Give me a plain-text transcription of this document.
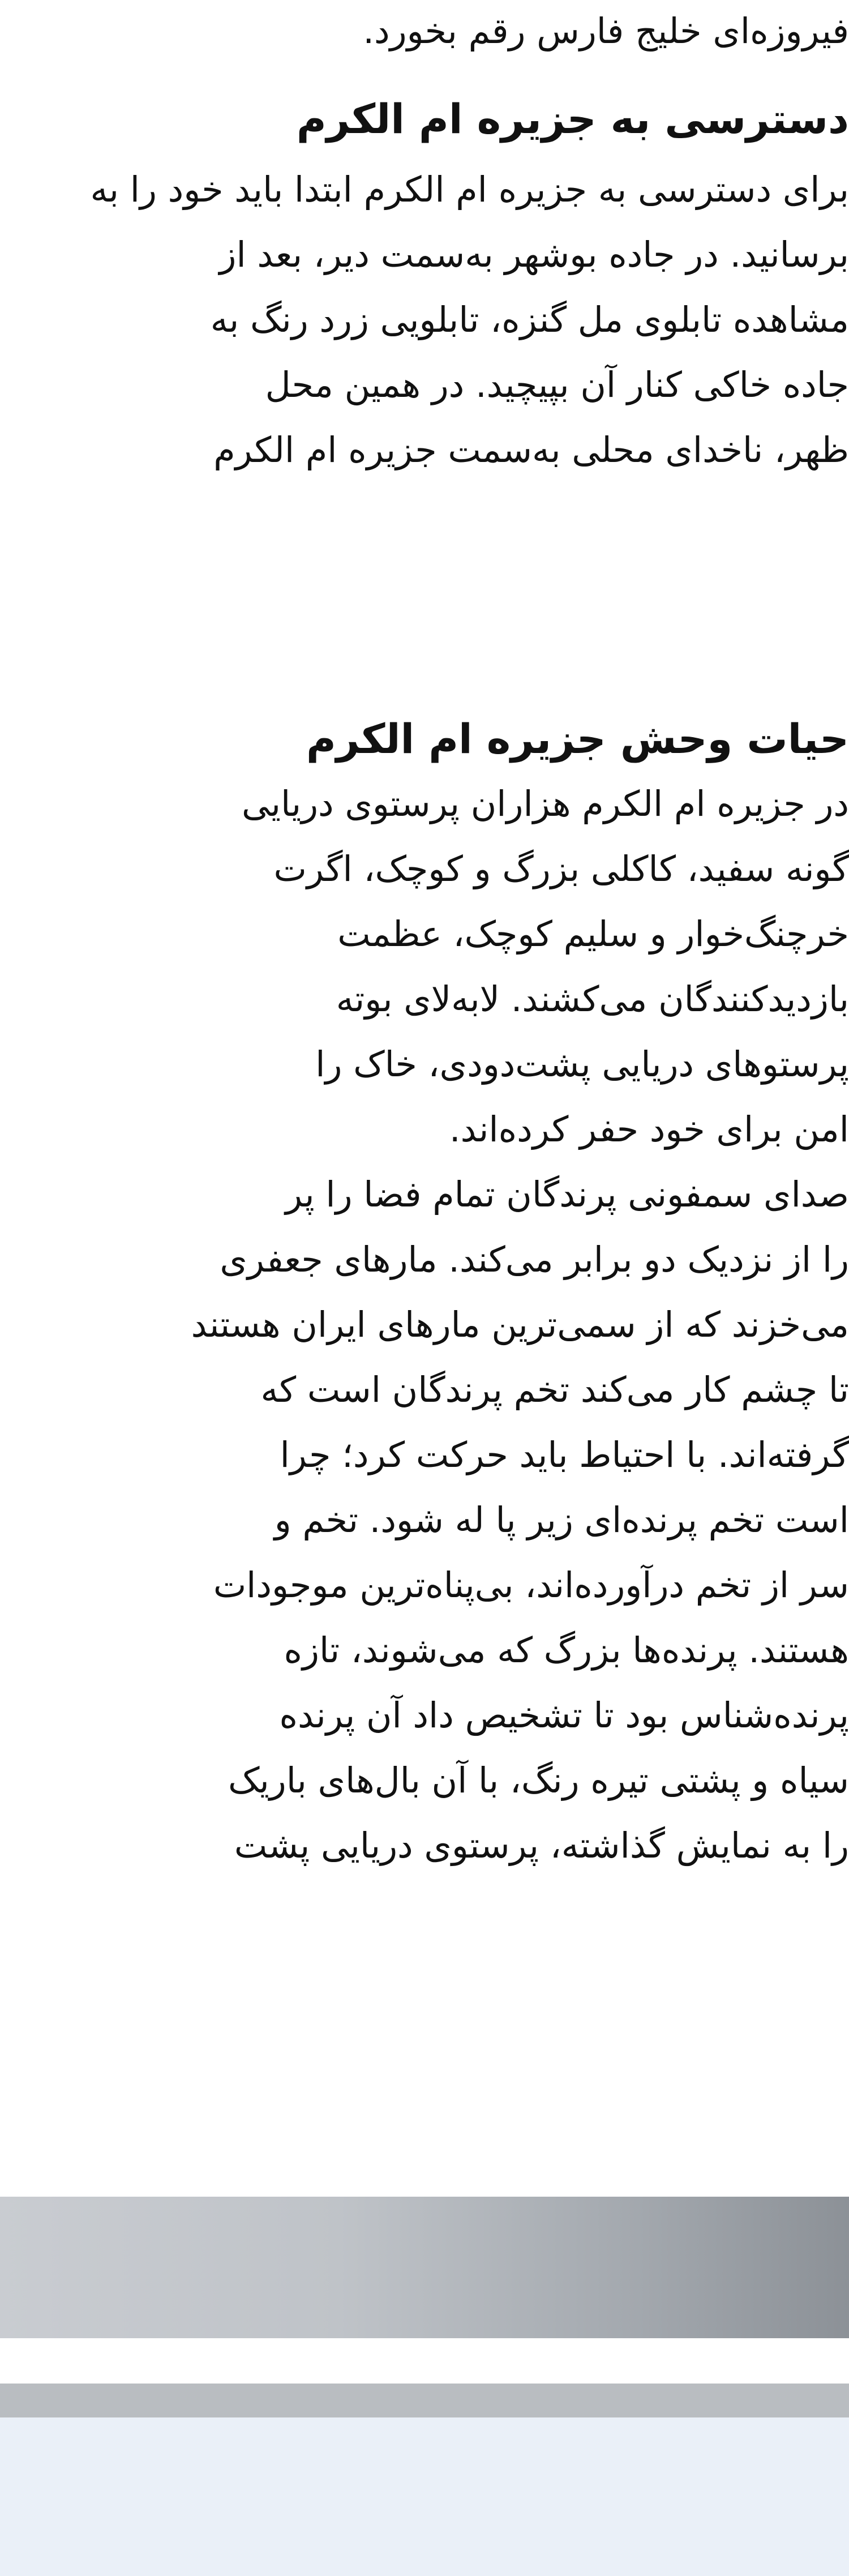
فیروزه‌ای خلیج فارس رقم بخورد.
دسترسی به جزیره ام الکرم
برای دسترسی به جزیره ام الکرم ابتدا باید خود را به
برسانید. در جاده بوشهر به‌سمت دیر، بعد از
مشاهده تابلوی مل گنزه، تابلویی زرد رنگ به
جاده خاکی کنار آن بپیچید. در همین محل
ظهر، ناخدای محلی به‌سمت جزیره ام الکرم
حیات وحش جزیره ام الکرم
در جزیره ام الکرم هزاران پرستوی دریایی
گونه سفید، کاکلی بزرگ و کوچک، اگرت
خرچنگ‌خوار و سلیم کوچک، عظمت
بازدیدکنندگان می‌کشند. لابه‌لای بوته
پرستوهای دریایی پشت‌دودی، خاک را
امن برای خود حفر کرده‌اند.
صدای سمفونی پرندگان تمام فضا را پر
را از نزدیک دو برابر می‌کند. مارهای جعفری
می‌خزند که از سمی‌ترین مارهای ایران هستند
تا چشم کار می‌کند تخم پرندگان است که
گرفته‌اند. با احتیاط باید حرکت کرد؛ چرا
است تخم پرنده‌ای زیر پا له شود. تخم و
سر از تخم درآورده‌اند، بی‌پناه‌ترین موجودات
هستند. پرنده‌ها بزرگ که می‌شوند، تازه
پرنده‌شناس بود تا تشخیص داد آن پرنده
سیاه و پشتی تیره رنگ، با آن بال‌های باریک
را به نمایش گذاشته، پرستوی دریایی پشت
